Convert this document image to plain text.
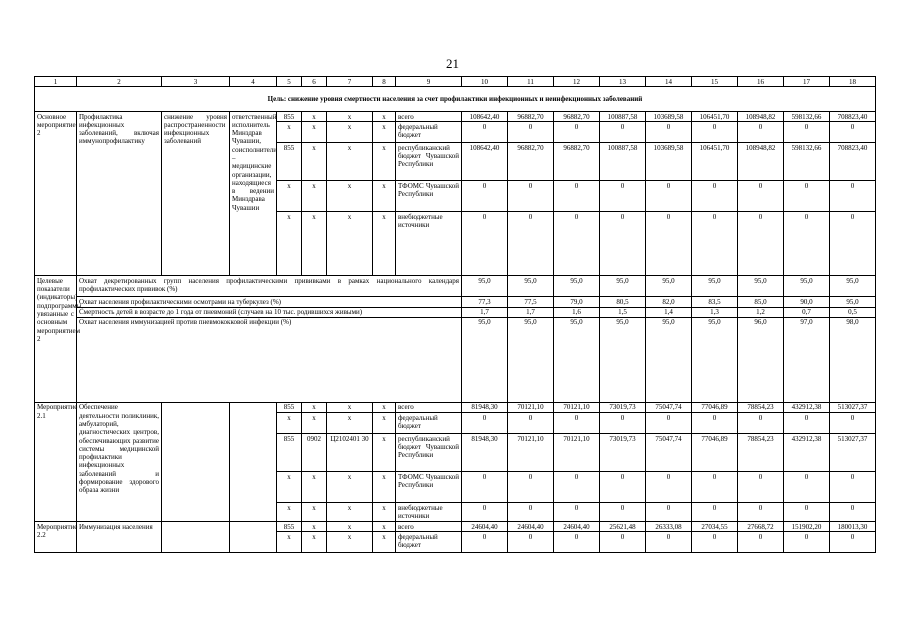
21
1	2	3	4	5	6	7	8	9	10	11	12	13	14	15	16	17	18
Цель: снижение уровня смертности населения за счет профилактики инфекционных и неинфекционных заболеваний																	
Основное мероприятие 2	Профилактика инфекционных заболеваний, включая иммунопрофилактику	снижение уровня распространенности инфекционных заболеваний	ответственный исполнитель Минздрав Чувашии, соисполнители – медицинские организации, находящиеся в ведении Минздрава Чувашии	855	x	x	x	всего	108642,40	96882,70	96882,70	100887,58	103689,58	106451,70	108948,82	598132,66	708823,40
				x	x	x	x	федеральный бюджет	0	0	0	0	0	0	0	0	0
				855	x	x	x	республиканский бюджет Чувашской Республики	108642,40	96882,70	96882,70	100887,58	103689,58	106451,70	108948,82	598132,66	708823,40
				x	x	x	x	ТФОМС Чувашской Республики	0	0	0	0	0	0	0	0	0
				x	x	x	x	внебюджетные источники	0	0	0	0	0	0	0	0	0
Целевые показатели (индикаторы) подпрограммы, увязанные с основным мероприятием 2	Охват декретированных групп населения профилактическими прививками в рамках национального календаря профилактических прививок (%)								95,0	95,0	95,0	95,0	95,0	95,0	95,0	95,0	95,0
	Охват населения профилактическими осмотрами на туберкулез (%)								77,3	77,5	79,0	80,5	82,0	83,5	85,0	90,0	95,0
	Смертность детей в возрасте до 1 года от пневмоний (случаев на 10 тыс. родившихся живыми)								1,7	1,7	1,6	1,5	1,4	1,3	1,2	0,7	0,5
	Охват населения иммунизацией против пневмококковой инфекции (%)								95,0	95,0	95,0	95,0	95,0	95,0	96,0	97,0	98,0
Мероприятие 2.1	Обеспечение деятельности поликлиник, амбулаторий, диагностических центров, обеспечивающих развитие системы медицинской профилактики инфекционных заболеваний и формирование здорового образа жизни			855	x	x	x	всего	81948,30	70121,10	70121,10	73019,73	75047,74	77046,89	78854,23	432912,38	513027,37
				x	x	x	x	федеральный бюджет	0	0	0	0	0	0	0	0	0
				855	0902	Ц2102401 30	x	республиканский бюджет Чувашской Республики	81948,30	70121,10	70121,10	73019,73	75047,74	77046,89	78854,23	432912,38	513027,37
				x	x	x	x	ТФОМС Чувашской Республики	0	0	0	0	0	0	0	0	0
				x	x	x	x	внебюджетные источники	0	0	0	0	0	0	0	0	0
Мероприятие 2.2	Иммунизация населения			855	x	x	x	всего	24604,40	24604,40	24604,40	25621,48	26333,08	27034,55	27668,72	151902,20	180013,30
				x	x	x	x	федеральный бюджет	0	0	0	0	0	0	0	0	0
